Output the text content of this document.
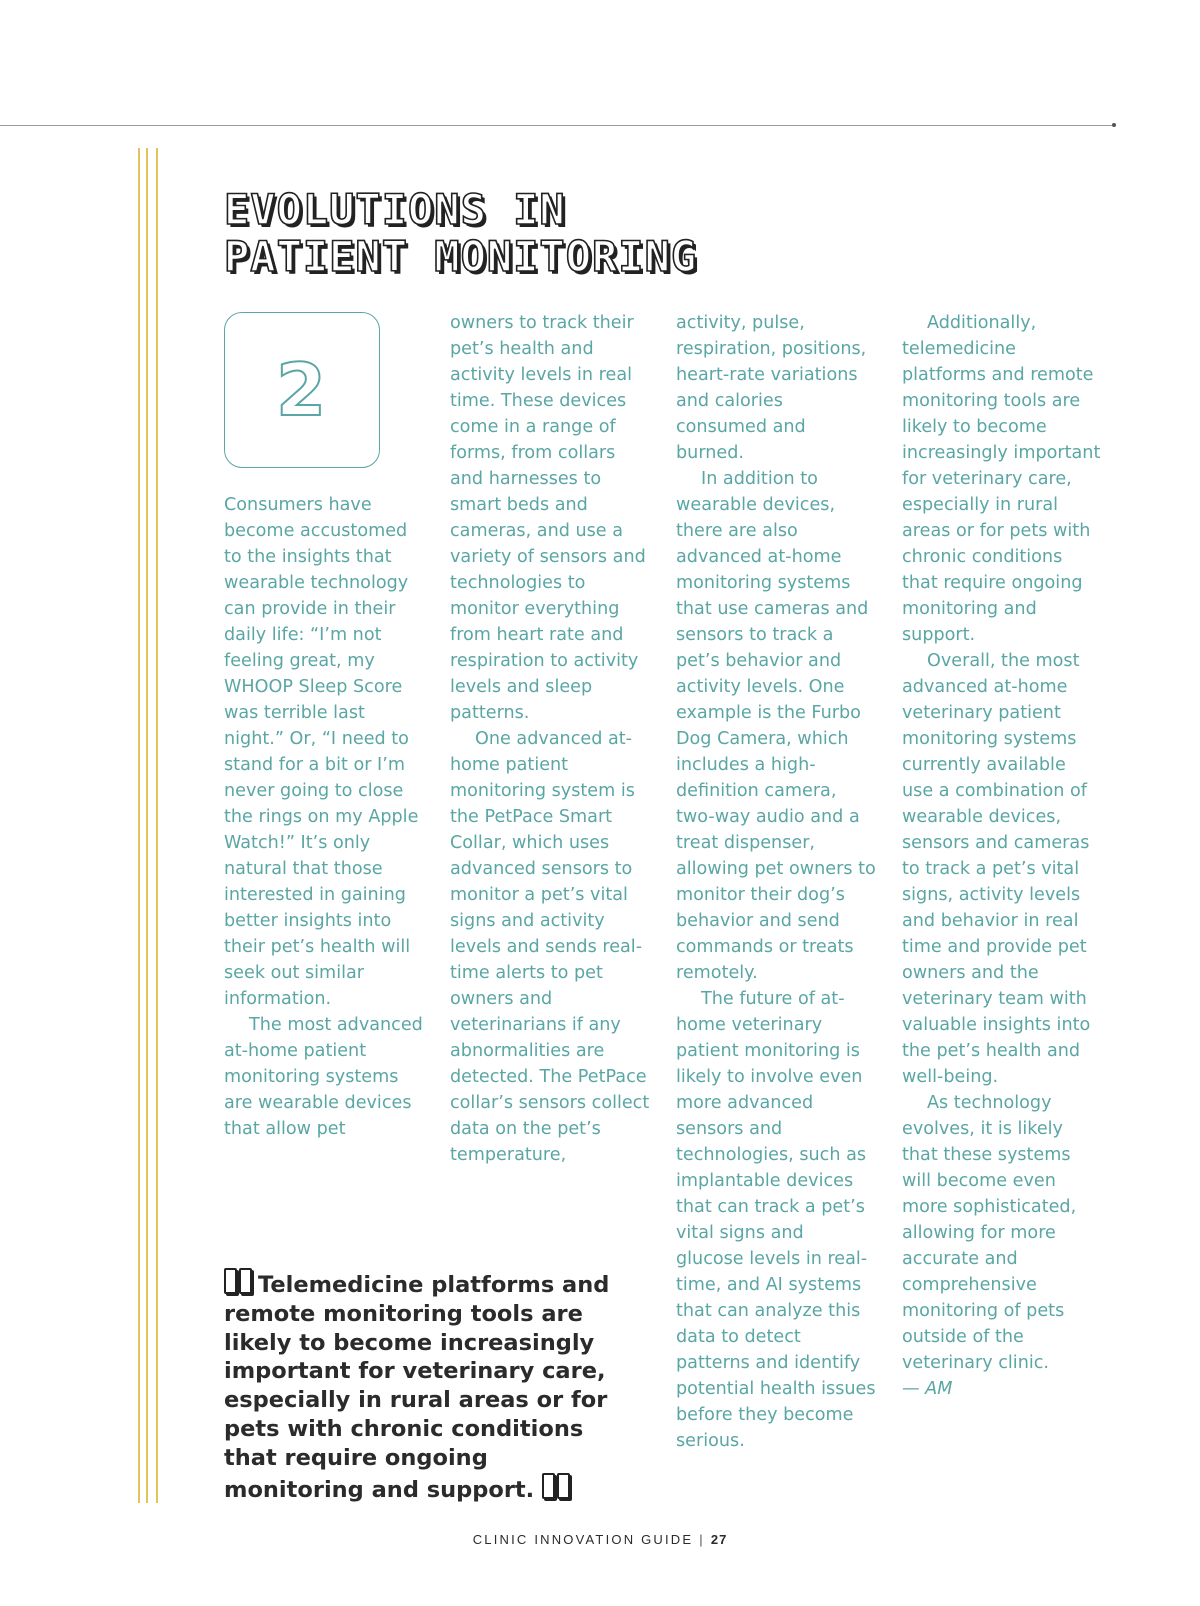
EVOLUTIONS IN
PATIENT MONITORING
2

Consumers have become accustomed to the insights that wearable technology can provide in their daily life: “I’m not feeling great, my WHOOP Sleep Score was terrible last night.” Or, “I need to stand for a bit or I’m never going to close the rings on my Apple Watch!” It’s only natural that those interested in gaining better insights into their pet’s health will seek out similar information.

The most advanced at-home patient monitoring systems are wearable devices that allow pet

owners to track their pet’s health and activity levels in real time. These devices come in a range of forms, from collars and harnesses to smart beds and cameras, and use a variety of sensors and technologies to monitor everything from heart rate and respiration to activity levels and sleep patterns.

One advanced at-home patient monitoring system is the PetPace Smart Collar, which uses advanced sensors to monitor a pet’s vital signs and activity levels and sends real-time alerts to pet owners and veterinarians if any abnormalities are detected. The PetPace collar’s sensors collect data on the pet’s temperature,

activity, pulse, respiration, positions, heart-rate variations and calories consumed and burned.

In addition to wearable devices, there are also advanced at-home monitoring systems that use cameras and sensors to track a pet’s behavior and activity levels. One example is the Furbo Dog Camera, which includes a high-definition camera, two-way audio and a treat dispenser, allowing pet owners to monitor their dog’s behavior and send commands or treats remotely.

The future of at-home veterinary patient monitoring is likely to involve even more advanced sensors and technologies, such as implantable devices that can track a pet’s vital signs and glucose levels in real-time, and AI systems that can analyze this data to detect patterns and identify potential health issues before they become serious.

Additionally, telemedicine platforms and remote monitoring tools are likely to become increasingly important for veterinary care, especially in rural areas or for pets with chronic conditions that require ongoing monitoring and support.

Overall, the most advanced at-home veterinary patient monitoring systems currently available use a combination of wearable devices, sensors and cameras to track a pet’s vital signs, activity levels and behavior in real time and provide pet owners and the veterinary team with valuable insights into the pet’s health and well-being.

As technology evolves, it is likely that these systems will become even more sophisticated, allowing for more accurate and comprehensive monitoring of pets outside of the veterinary clinic.

— AM

Telemedicine platforms and remote monitoring tools are likely to become increasingly important for veterinary care, especially in rural areas or for pets with chronic conditions that require ongoing monitoring and support.
CLINIC INNOVATION GUIDE | 27
